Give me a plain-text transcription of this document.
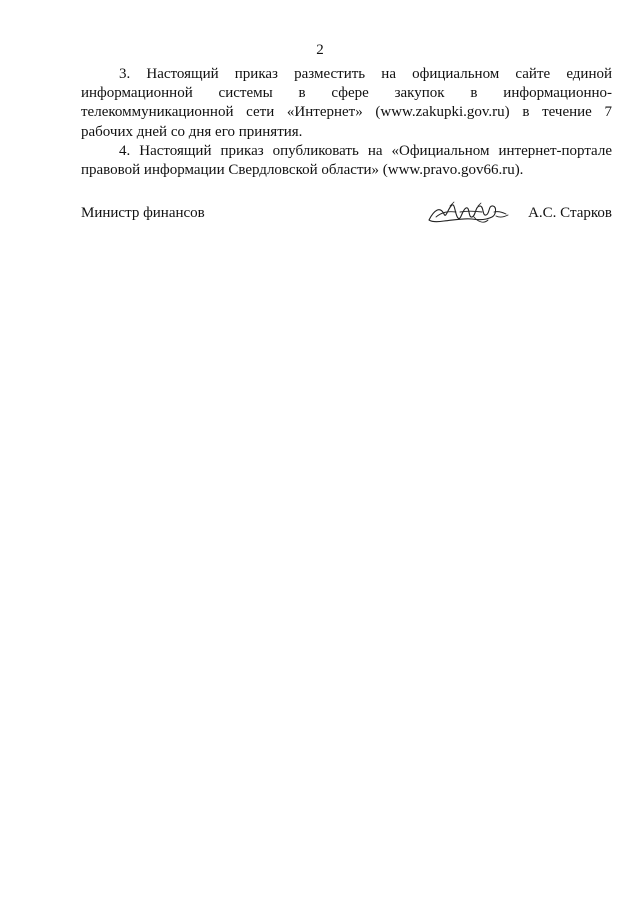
2

3. Настоящий приказ разместить на официальном сайте единой информационной системы в сфере закупок в информационно-телекоммуникационной сети «Интернет» (www.zakupki.gov.ru) в течение 7 рабочих дней со дня его принятия.

4. Настоящий приказ опубликовать на «Официальном интернет-портале правовой информации Свердловской области» (www.pravo.gov66.ru).

Министр финансов	А.С. Старков
